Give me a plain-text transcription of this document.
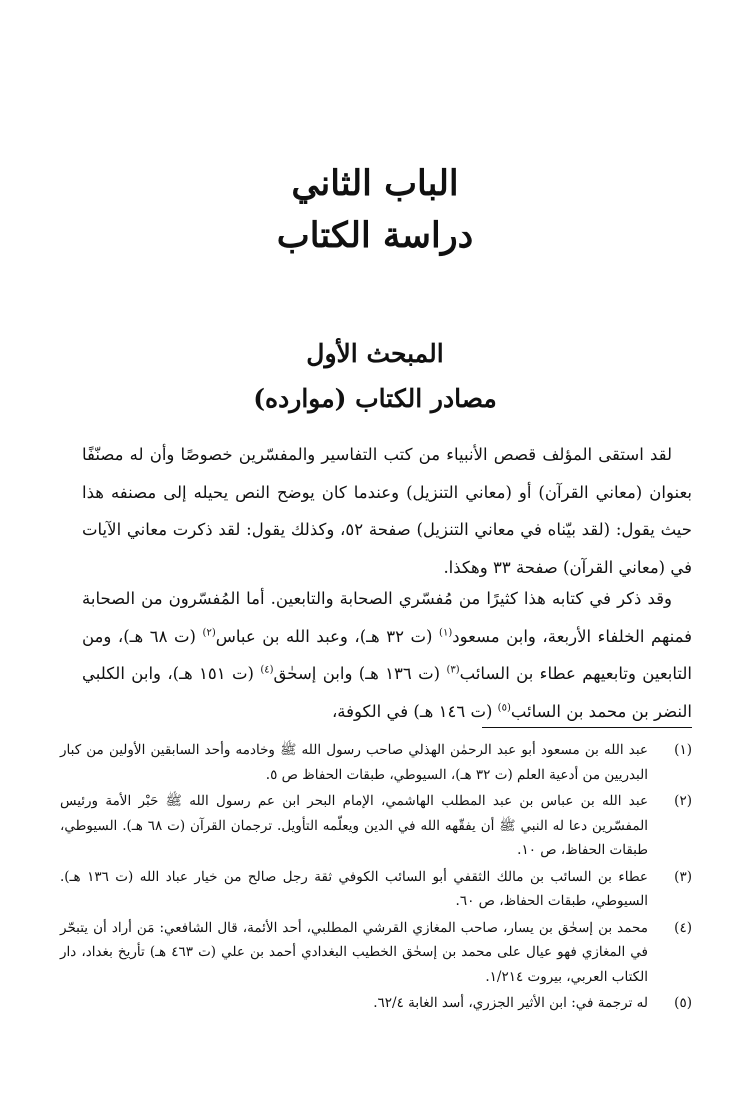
الباب الثاني
دراسة الكتاب
المبحث الأول
مصادر الكتاب (موارده)

لقد استقى المؤلف قصص الأنبياء من كتب التفاسير والمفسّرين خصوصًا وأن له مصنّفًا بعنوان (معاني القرآن) أو (معاني التنزيل) وعندما كان يوضح النص يحيله إلى مصنفه هذا حيث يقول: (لقد بيّناه في معاني التنزيل) صفحة ٥٢، وكذلك يقول: لقد ذكرت معاني الآيات في (معاني القرآن) صفحة ٣٣ وهكذا.

وقد ذكر في كتابه هذا كثيرًا من مُفسّري الصحابة والتابعين. أما المُفسّرون من الصحابة فمنهم الخلفاء الأربعة، وابن مسعود$^{(١)}$ (ت ٣٢ هـ)، وعبد الله بن عباس$^{(٢)}$ (ت ٦٨ هـ)، ومن التابعين وتابعيهم عطاء بن السائب$^{(٣)}$ (ت ١٣٦ هـ) وابن إسحٰق$^{(٤)}$ (ت ١٥١ هـ)، وابن الكلبي النضر بن محمد بن السائب$^{(٥)}$ (ت ١٤٦ هـ) في الكوفة،

(١)
عبد الله بن مسعود أبو عبد الرحمٰن الهذلي صاحب رسول الله ﷺ وخادمه وأحد السابقين الأولين من كبار البدريين من أدعية العلم (ت ٣٢ هـ)، السيوطي، طبقات الحفاظ ص ٥.
(٢)
عبد الله بن عباس بن عبد المطلب الهاشمي، الإمام البحر ابن عم رسول الله ﷺ حَبْر الأمة ورئيس المفسّرين دعا له النبي ﷺ أن يفقّهه الله في الدين ويعلّمه التأويل. ترجمان القرآن (ت ٦٨ هـ). السيوطي، طبقات الحفاظ، ص ١٠.
(٣)
عطاء بن السائب بن مالك الثقفي أبو السائب الكوفي ثقة رجل صالح من خيار عباد الله (ت ١٣٦ هـ). السيوطي، طبقات الحفاظ، ص ٦٠.
(٤)
محمد بن إسحٰق بن يسار، صاحب المغازي القرشي المطلبي، أحد الأئمة، قال الشافعي: مَن أراد أن يتبحّر في المغازي فهو عيال على محمد بن إسحٰق الخطيب البغدادي أحمد بن علي (ت ٤٦٣ هـ) تأريخ بغداد، دار الكتاب العربي، بيروت ١/٢١٤.
(٥)
له ترجمة في: ابن الأثير الجزري، أسد الغابة ٦٢/٤.
